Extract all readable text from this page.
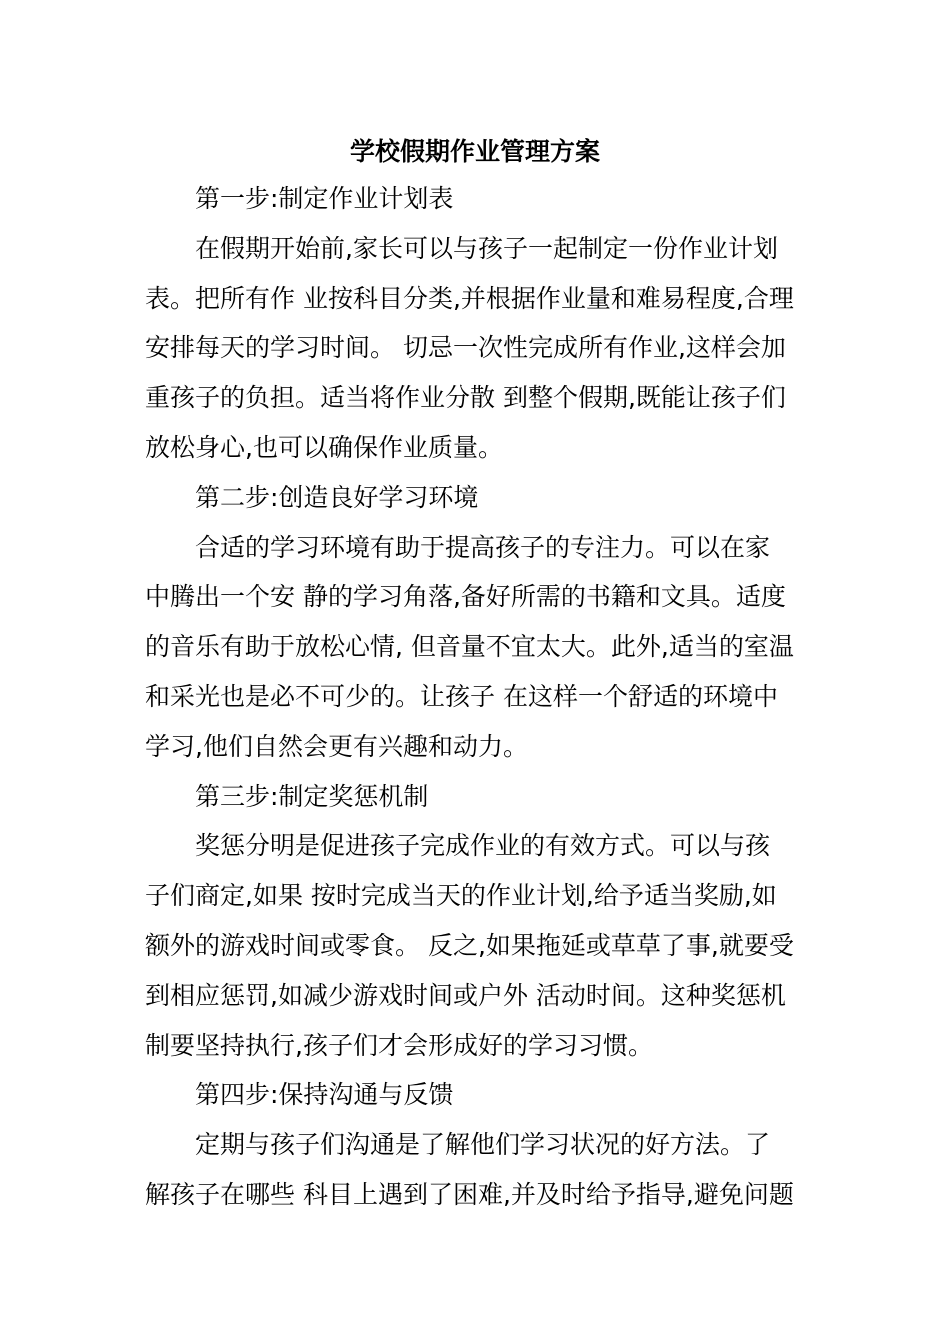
学校假期作业管理方案
第一步:制定作业计划表
在假期开始前,家长可以与孩子一起制定一份作业计划
表。把所有作 业按科目分类,并根据作业量和难易程度,合理
安排每天的学习时间。 切忌一次性完成所有作业,这样会加
重孩子的负担。适当将作业分散 到整个假期,既能让孩子们
放松身心,也可以确保作业质量。
第二步:创造良好学习环境
合适的学习环境有助于提高孩子的专注力。可以在家
中腾出一个安 静的学习角落,备好所需的书籍和文具。适度
的音乐有助于放松心情, 但音量不宜太大。此外,适当的室温
和采光也是必不可少的。让孩子 在这样一个舒适的环境中
学习,他们自然会更有兴趣和动力。
第三步:制定奖惩机制
奖惩分明是促进孩子完成作业的有效方式。可以与孩
子们商定,如果 按时完成当天的作业计划,给予适当奖励,如
额外的游戏时间或零食。 反之,如果拖延或草草了事,就要受
到相应惩罚,如减少游戏时间或户外 活动时间。这种奖惩机
制要坚持执行,孩子们才会形成好的学习习惯。
第四步:保持沟通与反馈
定期与孩子们沟通是了解他们学习状况的好方法。了
解孩子在哪些 科目上遇到了困难,并及时给予指导,避免问题
